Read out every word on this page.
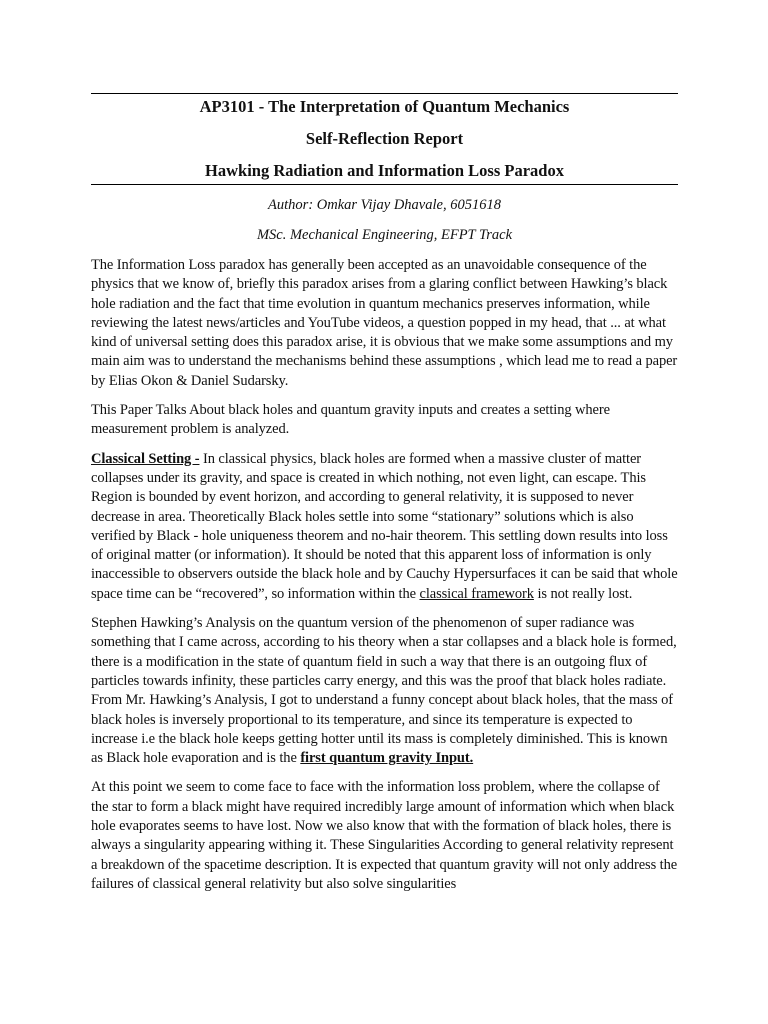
AP3101 - The Interpretation of Quantum Mechanics
Self-Reflection Report
Hawking Radiation and Information Loss Paradox

Author: Omkar Vijay Dhavale, 6051618

MSc. Mechanical Engineering, EFPT Track

The Information Loss paradox has generally been accepted as an unavoidable consequence of the physics that we know of, briefly this paradox arises from a glaring conflict between Hawking’s black hole radiation and the fact that time evolution in quantum mechanics preserves information, while reviewing the latest news/articles and YouTube videos, a question popped in my head, that ... at what kind of universal setting does this paradox arise, it is obvious that we make some assumptions and my main aim was to understand the mechanisms behind these assumptions , which lead me to read a paper by Elias Okon & Daniel Sudarsky.

This Paper Talks About black holes and quantum gravity inputs and creates a setting where measurement problem is analyzed.

Classical Setting - In classical physics, black holes are formed when a massive cluster of matter collapses under its gravity, and space is created in which nothing, not even light, can escape. This Region is bounded by event horizon, and according to general relativity, it is supposed to never decrease in area. Theoretically Black holes settle into some “stationary” solutions which is also verified by Black - hole uniqueness theorem and no-hair theorem. This settling down results into loss of original matter (or information). It should be noted that this apparent loss of information is only inaccessible to observers outside the black hole and by Cauchy Hypersurfaces it can be said that whole space time can be “recovered”, so information within the classical framework is not really lost.

Stephen Hawking’s Analysis on the quantum version of the phenomenon of super radiance was something that I came across, according to his theory when a star collapses and a black hole is formed, there is a modification in the state of quantum field in such a way that there is an outgoing flux of particles towards infinity, these particles carry energy, and this was the proof that black holes radiate. From Mr. Hawking’s Analysis, I got to understand a funny concept about black holes, that the mass of black holes is inversely proportional to its temperature, and since its temperature is expected to increase i.e the black hole keeps getting hotter until its mass is completely diminished. This is known as Black hole evaporation and is the first quantum gravity Input.

At this point we seem to come face to face with the information loss problem, where the collapse of the star to form a black might have required incredibly large amount of information which when black hole evaporates seems to have lost. Now we also know that with the formation of black holes, there is always a singularity appearing withing it. These Singularities According to general relativity represent a breakdown of the spacetime description. It is expected that quantum gravity will not only address the failures of classical general relativity but also solve singularities
